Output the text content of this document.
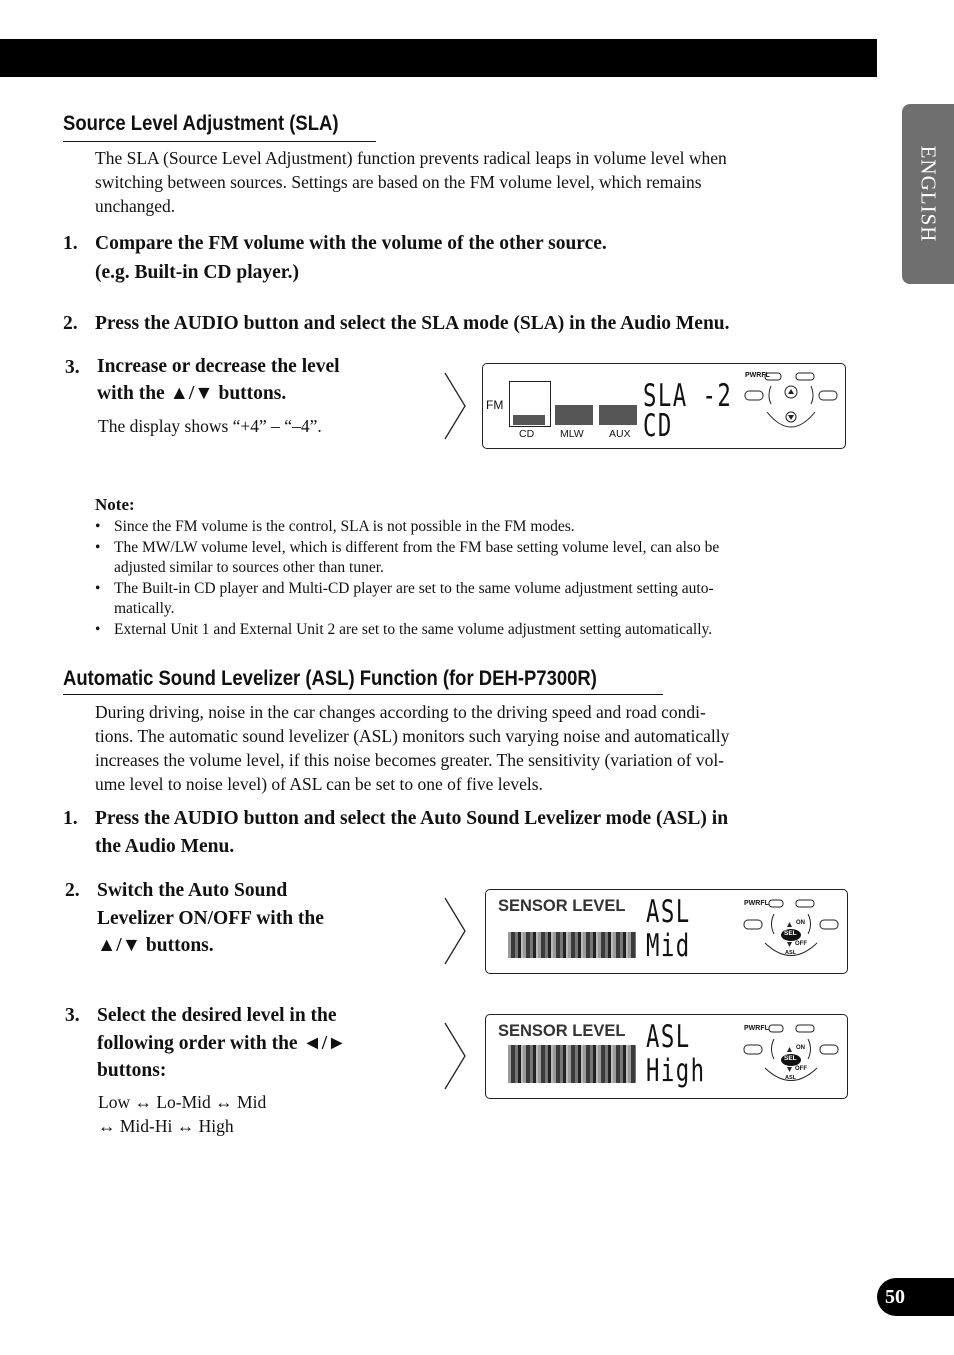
ENGLISH
Source Level Adjustment (SLA)
The SLA (Source Level Adjustment) function prevents radical leaps in volume level when
switching between sources. Settings are based on the FM volume level, which remains
unchanged.
1. Compare the FM volume with the volume of the other source.
(e.g. Built-in CD player.)
2. Press the AUDIO button and select the SLA mode (SLA) in the Audio Menu.
3. Increase or decrease the level
with the ▲/▼ buttons.
The display shows “+4” – “–4”.
FM
CD MLW AUX
SLA -2
CD
PWRFL
Note:
• Since the FM volume is the control, SLA is not possible in the FM modes.
• The MW/LW volume level, which is different from the FM base setting volume level, can also be
adjusted similar to sources other than tuner.
• The Built-in CD player and Multi-CD player are set to the same volume adjustment setting auto-
matically.
• External Unit 1 and External Unit 2 are set to the same volume adjustment setting automatically.
Automatic Sound Levelizer (ASL) Function (for DEH-P7300R)
During driving, noise in the car changes according to the driving speed and road condi-
tions. The automatic sound levelizer (ASL) monitors such varying noise and automatically
increases the volume level, if this noise becomes greater. The sensitivity (variation of vol-
ume level to noise level) of ASL can be set to one of five levels.
1. Press the AUDIO button and select the Auto Sound Levelizer mode (ASL) in
the Audio Menu.
2. Switch the Auto Sound
Levelizer ON/OFF with the
▲/▼ buttons.
3. Select the desired level in the
following order with the ◄/►
buttons:
Low ↔ Lo-Mid ↔ Mid
↔ Mid-Hi ↔ High
SENSOR LEVEL ASL
Mid
PWRFL
ON
SEL
OFF
ASL
SENSOR LEVEL ASL
High
PWRFL
ON
SEL
OFF
ASL
50
